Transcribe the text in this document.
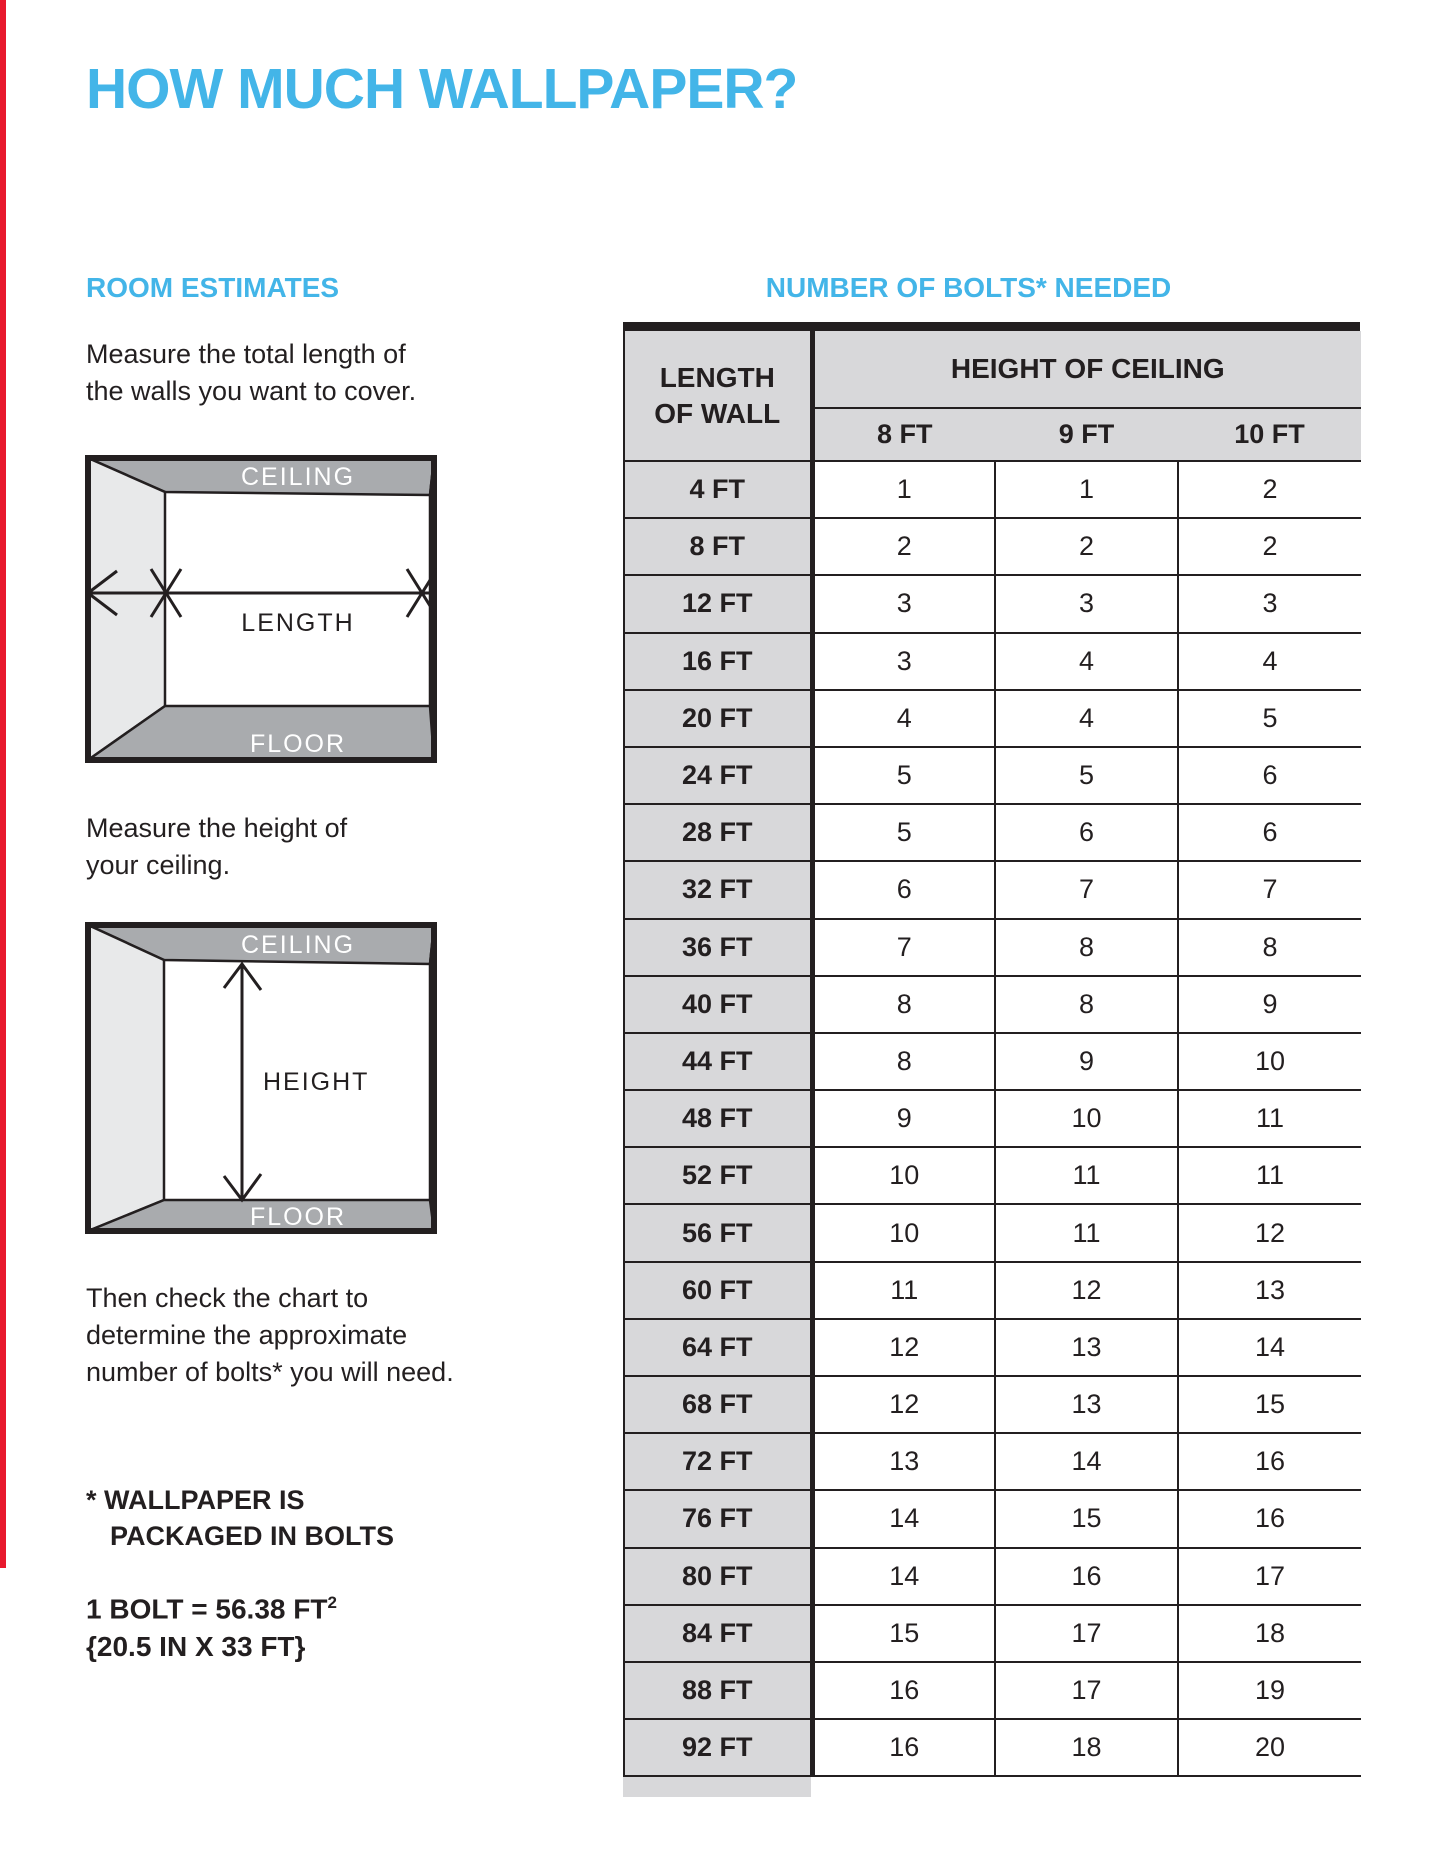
HOW MUCH WALLPAPER?
ROOM ESTIMATES	NUMBER OF BOLTS* NEEDED
Measure the total length of
the walls you want to cover.
CEILING
FLOOR
LENGTH
Measure the height of
your ceiling.
CEILING
FLOOR
HEIGHT
Then check the chart to
determine the approximate
number of bolts* you will need.
* WALLPAPER IS
PACKAGED IN BOLTS
1 BOLT = 56.38 $FT^2$
{20.5 IN X 33 FT}
LENGTH
OF WALL	HEIGHT OF CEILING		
	8 FT	9 FT	10 FT
4 FT	1	1	2
8 FT	2	2	2
12 FT	3	3	3
16 FT	3	4	4
20 FT	4	4	5
24 FT	5	5	6
28 FT	5	6	6
32 FT	6	7	7
36 FT	7	8	8
40 FT	8	8	9
44 FT	8	9	10
48 FT	9	10	11
52 FT	10	11	11
56 FT	10	11	12
60 FT	11	12	13
64 FT	12	13	14
68 FT	12	13	15
72 FT	13	14	16
76 FT	14	15	16
80 FT	14	16	17
84 FT	15	17	18
88 FT	16	17	19
92 FT	16	18	20
